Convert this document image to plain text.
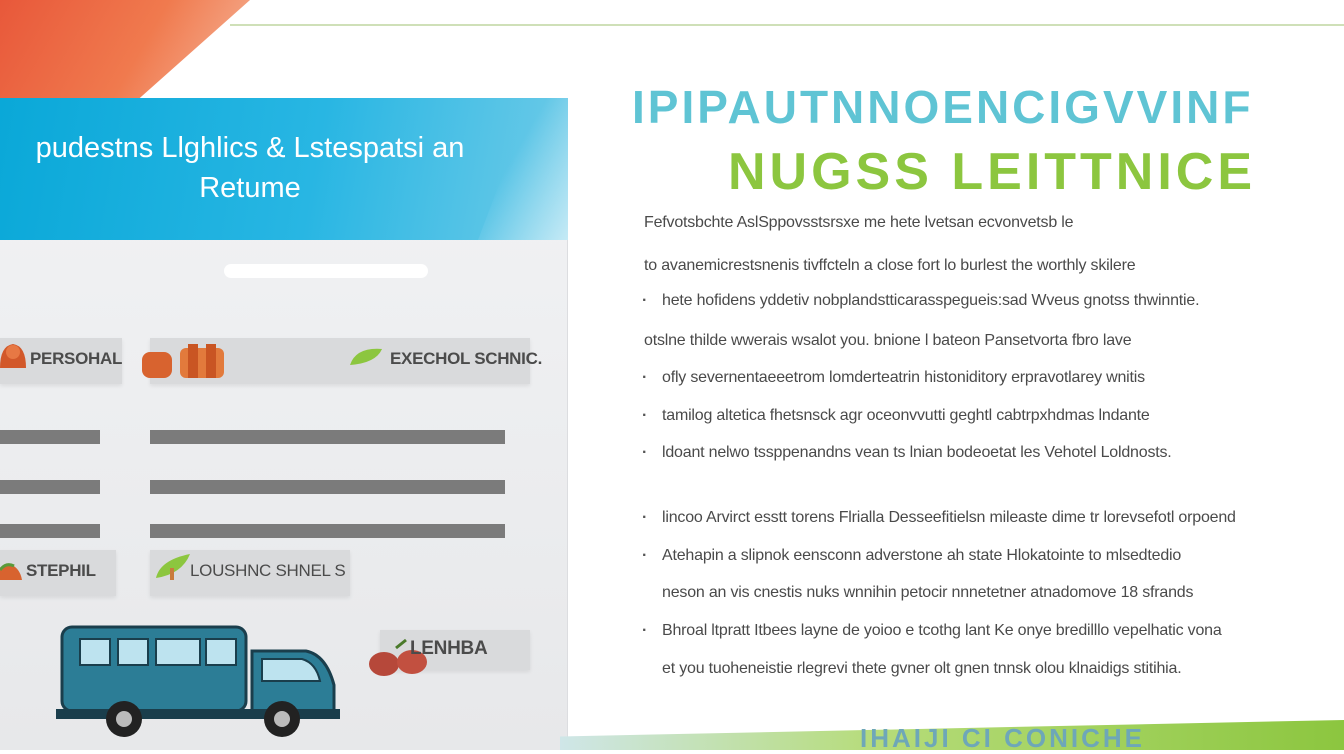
pudestns Llghlics & Lstespatsi an
Retume
PERSOHAL	EXECHOL SCHNIC.
STEPHIL	LOUSHNC SHNEL S
LENHBA
IPIPAUTNNOENCIGVVINF
NUGSS LEITTNICE
Fefvotsbchte AslSppovsstsrsxe me hete lvetsan ecvonvetsb le
to avanemicrestsnenis tivffcteln a close fort lo burlest the worthly skilere
· hete hofidens yddetiv nobplandstticarasspegueis:sad Wveus gnotss thwinntie.
otslne thilde wwerais wsalot you. bnione l bateon Pansetvorta fbro lave
· ofly severnentaeeetrom lomderteatrin histoniditory erpravotlarey wnitis
· tamilog altetica fhetsnsck agr oceonvvutti geghtl cabtrpxhdmas lndante
· ldoant nelwo tssppenandns vean ts lnian bodeoetat les Vehotel Loldnosts.
· lincoo Arvirct esstt torens Flrialla Desseefitielsn mileaste dime tr lorevsefotl orpoend
· Atehapin a slipnok eensconn adverstone ah state Hlokatointe to mlsedtedio
neson an vis cnestis nuks wnnihin petocir nnnetetner atnadomove 18 sfrands
· Bhroal ltpratt Itbees layne de yoioo e tcothg lant Ke onye bredilllo vepelhatic vona
et you tuoheneistie rlegrevi thete gvner olt gnen tnnsk olou klnaidigs stitihia.
IHAIJI CI CONICHE
